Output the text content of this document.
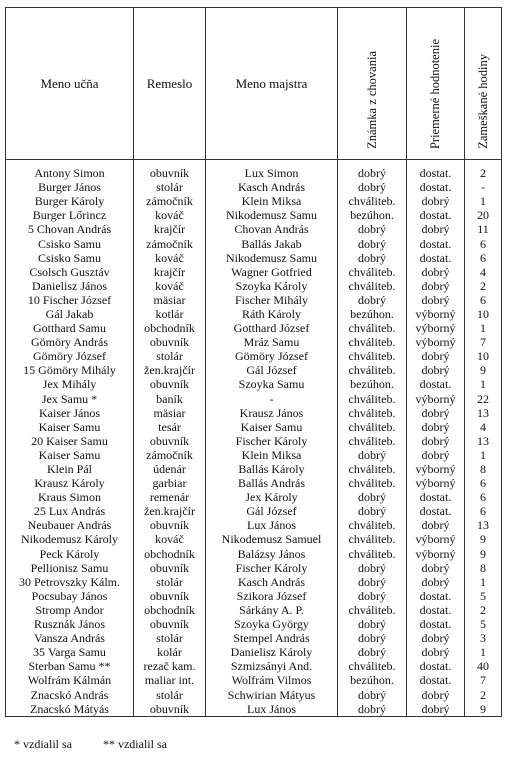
Meno učňa	Remeslo	Meno majstra	Známka z chovania	Priemerné hodnotenie	Zameškané hodiny
Antony Simon	obuvník	Lux Simon	dobrý	dostat.	2
Burger János	stolár	Kasch András	dobrý	dostat.	-
Burger Károly	zámočník	Klein Miksa	chváliteb.	dobrý	1
Burger Lőrincz	kováč	Nikodemusz Samu	bezúhon.	dostat.	20
5 Chovan András	krajčír	Chovan András	dobrý	dobrý	11
Csisko Samu	zámočník	Ballás Jakab	dobrý	dostat.	6
Csisko Samu	kováč	Nikodemusz Samu	dobrý	dostat.	6
Csolsch Gusztáv	krajčír	Wagner Gotfried	chváliteb.	dobrý	4
Danielisz János	kováč	Szoyka Károly	chváliteb.	dobrý	2
10 Fischer József	mäsiar	Fischer Mihály	dobrý	dobrý	6
Gál Jakab	kotlár	Ráth Károly	bezúhon.	výborný	10
Gotthard Samu	obchodník	Gotthard József	chváliteb.	výborný	1
Gömöry András	obuvník	Mráz Samu	chváliteb.	výborný	7
Gömöry József	stolár	Gömöry József	chváliteb.	dobrý	10
15 Gömöry Mihály	žen.krajčír	Gál József	chváliteb.	dobrý	9
Jex Mihály	obuvník	Szoyka Samu	bezúhon.	dostat.	1
Jex Samu *	baník	-	chváliteb.	výborný	22
Kaiser János	mäsiar	Krausz János	chváliteb.	dobrý	13
Kaiser Samu	tesár	Kaiser Samu	chváliteb.	dobrý	4
20 Kaiser Samu	obuvník	Fischer Károly	chváliteb.	dobrý	13
Kaiser Samu	zámočník	Klein Miksa	dobrý	dobrý	1
Klein Pál	údenár	Ballás Károly	chváliteb.	výborný	8
Krausz Károly	garbiar	Ballás András	chváliteb.	výborný	6
Kraus Simon	remenár	Jex Károly	dobrý	dostat.	6
25 Lux András	žen.krajčír	Gál József	dobrý	dostat.	6
Neubauer András	obuvník	Lux János	chváliteb.	dobrý	13
Nikodemusz Károly	kováč	Nikodemusz Samuel	chváliteb.	výborný	9
Peck Károly	obchodník	Balázsy János	chváliteb.	výborný	9
Pellionisz Samu	obuvník	Fischer Károly	dobrý	dobrý	8
30 Petrovszky Kálm.	stolár	Kasch András	dobrý	dobrý	1
Pocsubay János	obuvník	Szikora József	dobrý	dostat.	5
Stromp Andor	obchodník	Sárkány A. P.	chváliteb.	dostat.	2
Rusznák János	obuvník	Szoyka György	dobrý	dostat.	5
Vansza András	stolár	Stempel András	dobrý	dobrý	3
35 Varga Samu	kolár	Danielisz Károly	dobrý	dobrý	1
Sterban Samu **	rezač kam.	Szmizsányi And.	chváliteb.	dostat.	40
Wolfrám Kálmán	maliar int.	Wolfrám Vilmos	bezúhon.	dostat.	7
Znacskó András	stolár	Schwirian Mátyus	dobrý	dobrý	2
Znacskó Mátyás	obuvník	Lux János	dobrý	dobrý	9
* vzdialil sa	** vzdialil sa
